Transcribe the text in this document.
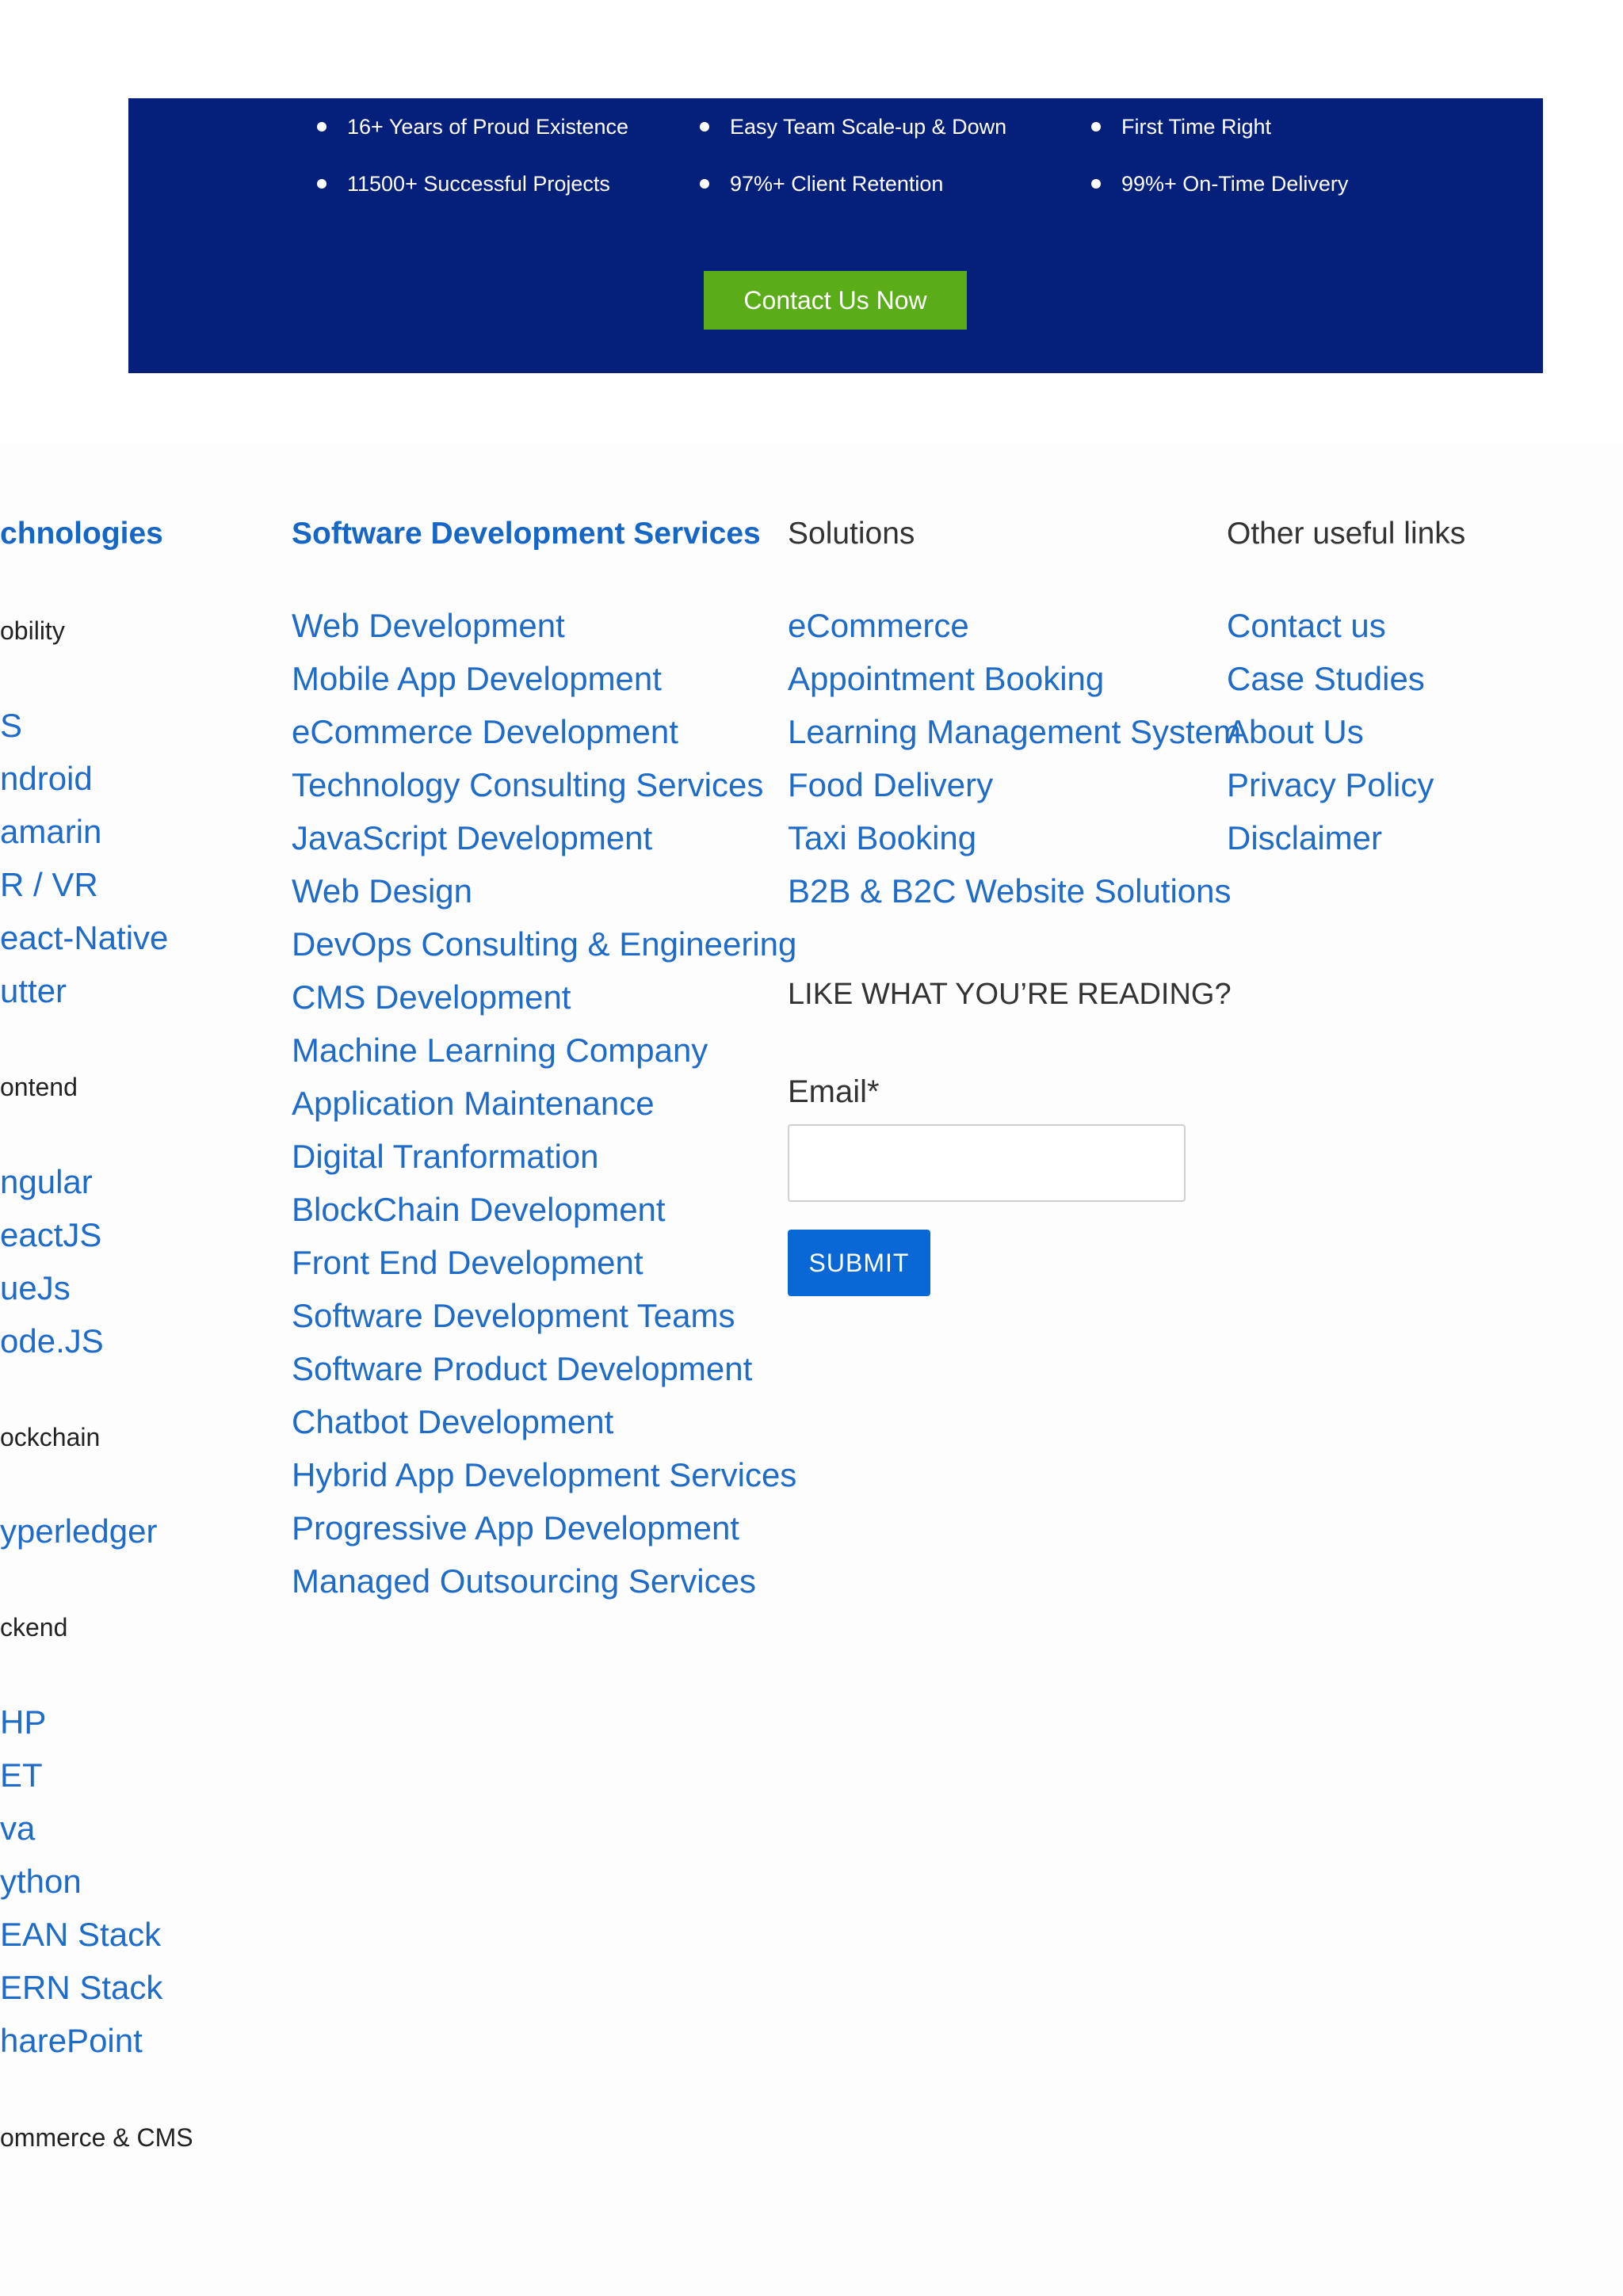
16+ Years of Proud Existence	Easy Team Scale-up & Down	First Time Right
11500+ Successful Projects	97%+ Client Retention	99%+ On-Time Delivery
Contact Us Now
chnologies
obility
S
ndroid
amarin
R / VR
eact-Native
utter
ontend
ngular
eactJS
ueJs
ode.JS
ockchain
yperledger
ckend
HP
ET
va
ython
EAN Stack
ERN Stack
harePoint
ommerce & CMS
Software Development Services
Web Development
Mobile App Development
eCommerce Development
Technology Consulting Services
JavaScript Development
Web Design
DevOps Consulting & Engineering
CMS Development
Machine Learning Company
Application Maintenance
Digital Tranformation
BlockChain Development
Front End Development
Software Development Teams
Software Product Development
Chatbot Development
Hybrid App Development Services
Progressive App Development
Managed Outsourcing Services
Solutions
eCommerce
Appointment Booking
Learning Management System
Food Delivery
Taxi Booking
B2B & B2C Website Solutions
LIKE WHAT YOU’RE READING?
Email*
SUBMIT
Other useful links
Contact us
Case Studies
About Us
Privacy Policy
Disclaimer
